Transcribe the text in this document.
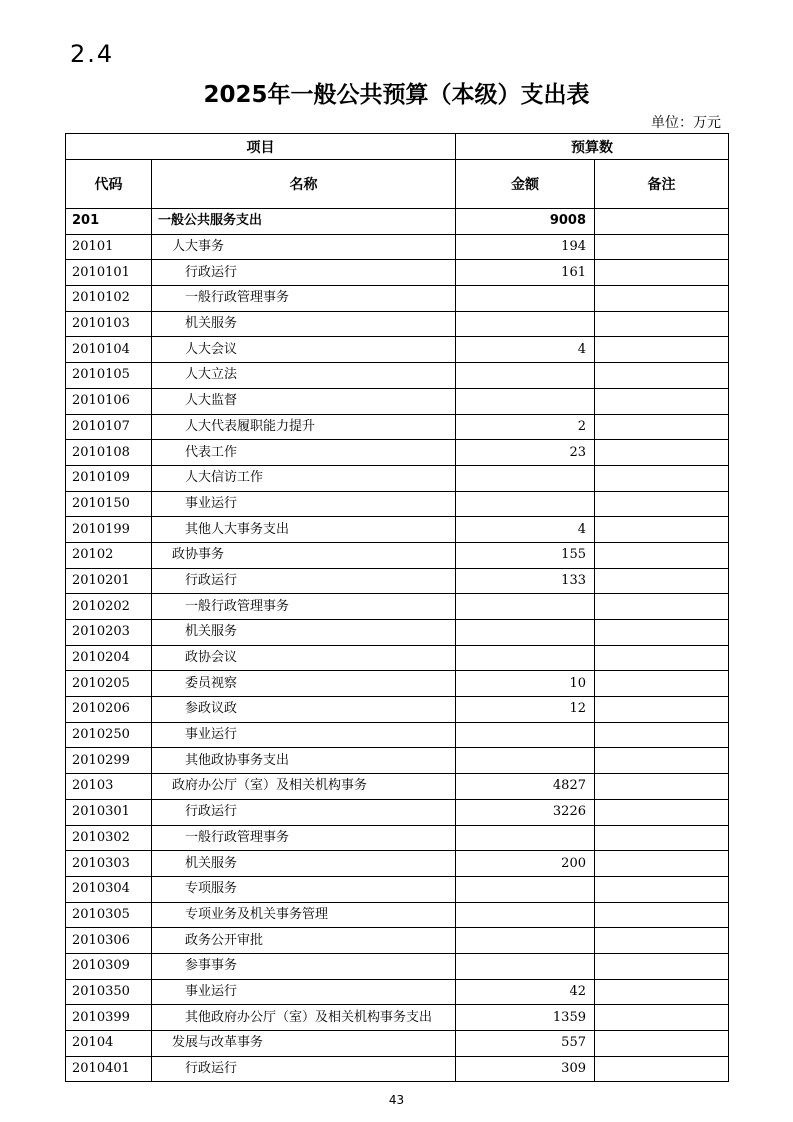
2.4
2025年一般公共预算（本级）支出表
单位：万元
项目		预算数	
代码	名称	金额	备注
201	一般公共服务支出	9008	
20101	人大事务	194	
2010101	行政运行	161	
2010102	一般行政管理事务		
2010103	机关服务		
2010104	人大会议	4	
2010105	人大立法		
2010106	人大监督		
2010107	人大代表履职能力提升	2	
2010108	代表工作	23	
2010109	人大信访工作		
2010150	事业运行		
2010199	其他人大事务支出	4	
20102	政协事务	155	
2010201	行政运行	133	
2010202	一般行政管理事务		
2010203	机关服务		
2010204	政协会议		
2010205	委员视察	10	
2010206	参政议政	12	
2010250	事业运行		
2010299	其他政协事务支出		
20103	政府办公厅（室）及相关机构事务	4827	
2010301	行政运行	3226	
2010302	一般行政管理事务		
2010303	机关服务	200	
2010304	专项服务		
2010305	专项业务及机关事务管理		
2010306	政务公开审批		
2010309	参事事务		
2010350	事业运行	42	
2010399	其他政府办公厅（室）及相关机构事务支出	1359	
20104	发展与改革事务	557	
2010401	行政运行	309	
43
